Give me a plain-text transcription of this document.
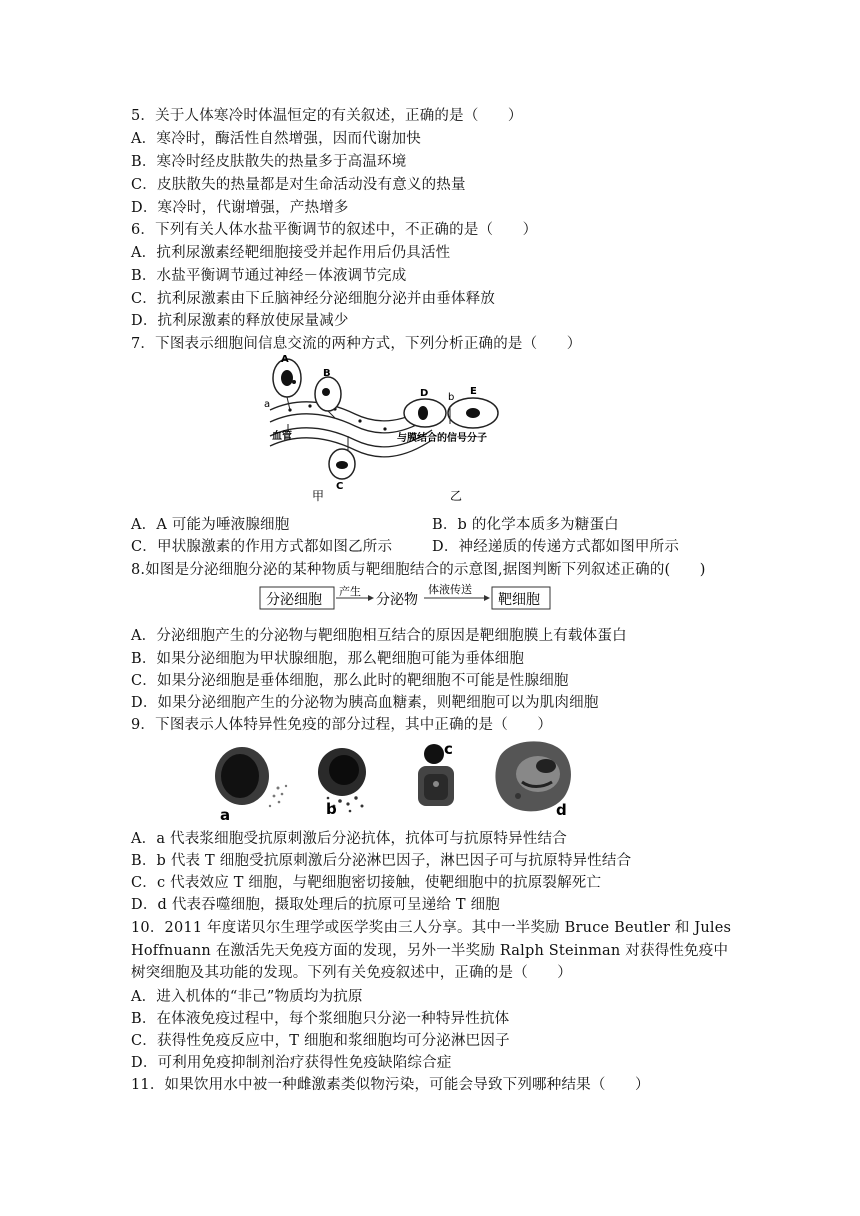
5．关于人体寒冷时体温恒定的有关叙述，正确的是（　　）
A．寒冷时，酶活性自然增强，因而代谢加快
B．寒冷时经皮肤散失的热量多于高温环境
C．皮肤散失的热量都是对生命活动没有意义的热量
D．寒冷时，代谢增强，产热增多
6．下列有关人体水盐平衡调节的叙述中，不正确的是（　　）
A．抗利尿激素经靶细胞接受并起作用后仍具活性
B．水盐平衡调节通过神经－体液调节完成
C．抗利尿激素由下丘脑神经分泌细胞分泌并由垂体释放
D．抗利尿激素的释放使尿量减少
7．下图表示细胞间信息交流的两种方式，下列分析正确的是（　　）
A
a
B
C
血管
D	E
b
与膜结合的信号分子
甲	乙
A．A 可能为唾液腺细胞	B．b 的化学本质多为糖蛋白
C．甲状腺激素的作用方式都如图乙所示	D．神经递质的传递方式都如图甲所示
8.如图是分泌细胞分泌的某种物质与靶细胞结合的示意图,据图判断下列叙述正确的(　　)
分泌细胞
产生
分泌物
体液传送
靶细胞
A．分泌细胞产生的分泌物与靶细胞相互结合的原因是靶细胞膜上有载体蛋白
B．如果分泌细胞为甲状腺细胞，那么靶细胞可能为垂体细胞
C．如果分泌细胞是垂体细胞，那么此时的靶细胞不可能是性腺细胞
D．如果分泌细胞产生的分泌物为胰高血糖素，则靶细胞可以为肌肉细胞
9．下图表示人体特异性免疫的部分过程，其中正确的是（　　）
a	b
c
d
A．a 代表浆细胞受抗原刺激后分泌抗体，抗体可与抗原特异性结合
B．b 代表 T 细胞受抗原刺激后分泌淋巴因子，淋巴因子可与抗原特异性结合
C．c 代表效应 T 细胞，与靶细胞密切接触，使靶细胞中的抗原裂解死亡
D．d 代表吞噬细胞，摄取处理后的抗原可呈递给 T 细胞
10．2011 年度诺贝尔生理学或医学奖由三人分享。其中一半奖励 Bruce Beutler 和 Jules Hoffnuann 在激活先天免疫方面的发现，另外一半奖励 Ralph Steinman 对获得性免疫中树突细胞及其功能的发现。下列有关免疫叙述中，正确的是（　　）
A．进入机体的“非己”物质均为抗原
B．在体液免疫过程中，每个浆细胞只分泌一种特异性抗体
C．获得性免疫反应中，T 细胞和浆细胞均可分泌淋巴因子
D．可利用免疫抑制剂治疗获得性免疫缺陷综合症
11．如果饮用水中被一种雌激素类似物污染，可能会导致下列哪种结果（　　）
